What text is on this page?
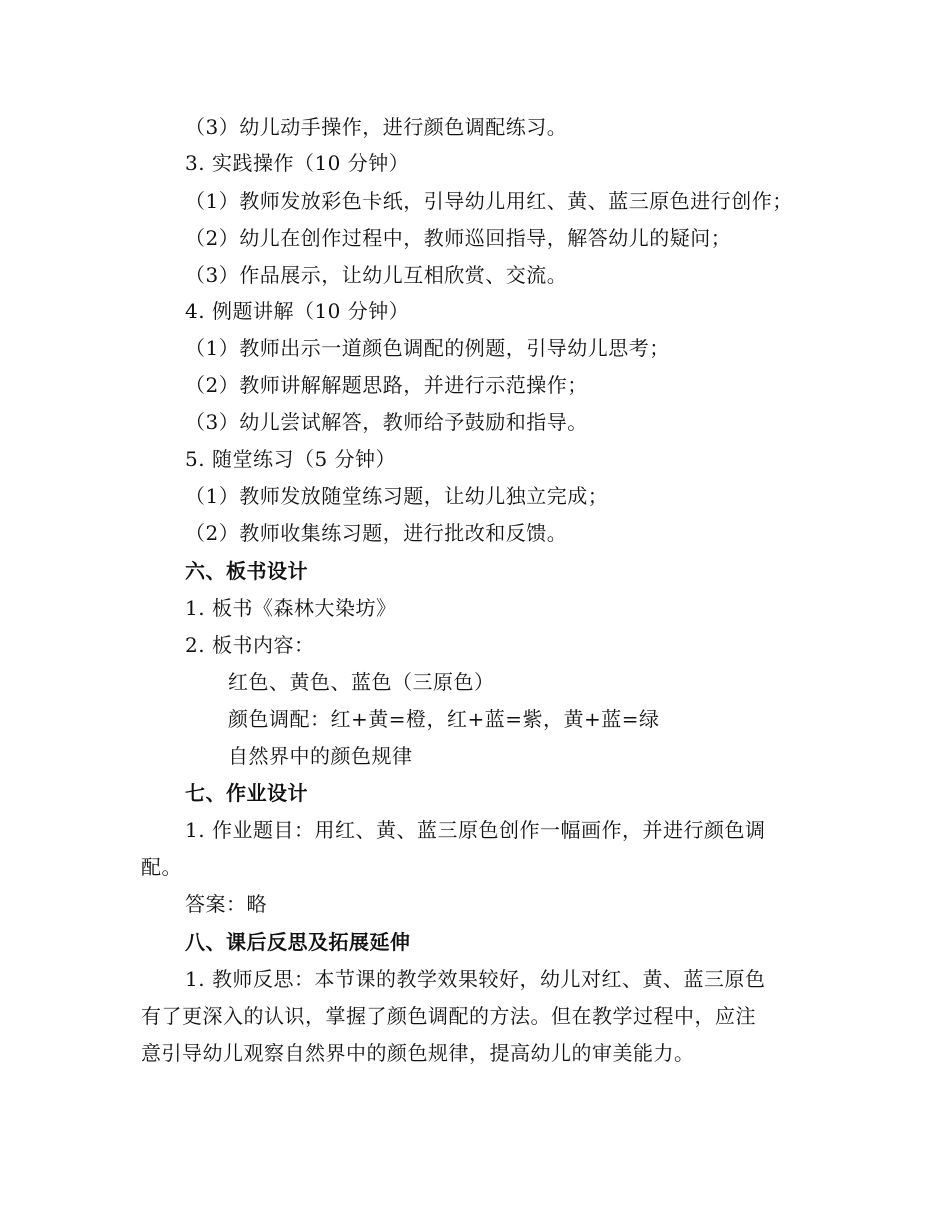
（3）幼儿动手操作，进行颜色调配练习。
3. 实践操作（10 分钟）
（1）教师发放彩色卡纸，引导幼儿用红、黄、蓝三原色进行创作；
（2）幼儿在创作过程中，教师巡回指导，解答幼儿的疑问；
（3）作品展示，让幼儿互相欣赏、交流。
4. 例题讲解（10 分钟）
（1）教师出示一道颜色调配的例题，引导幼儿思考；
（2）教师讲解解题思路，并进行示范操作；
（3）幼儿尝试解答，教师给予鼓励和指导。
5. 随堂练习（5 分钟）
（1）教师发放随堂练习题，让幼儿独立完成；
（2）教师收集练习题，进行批改和反馈。
六、板书设计
1. 板书《森林大染坊》
2. 板书内容：
红色、黄色、蓝色（三原色）
颜色调配：红+黄=橙，红+蓝=紫，黄+蓝=绿
自然界中的颜色规律
七、作业设计
1. 作业题目：用红、黄、蓝三原色创作一幅画作，并进行颜色调
配。
答案：略
八、课后反思及拓展延伸
1. 教师反思：本节课的教学效果较好，幼儿对红、黄、蓝三原色
有了更深入的认识，掌握了颜色调配的方法。但在教学过程中，应注
意引导幼儿观察自然界中的颜色规律，提高幼儿的审美能力。
